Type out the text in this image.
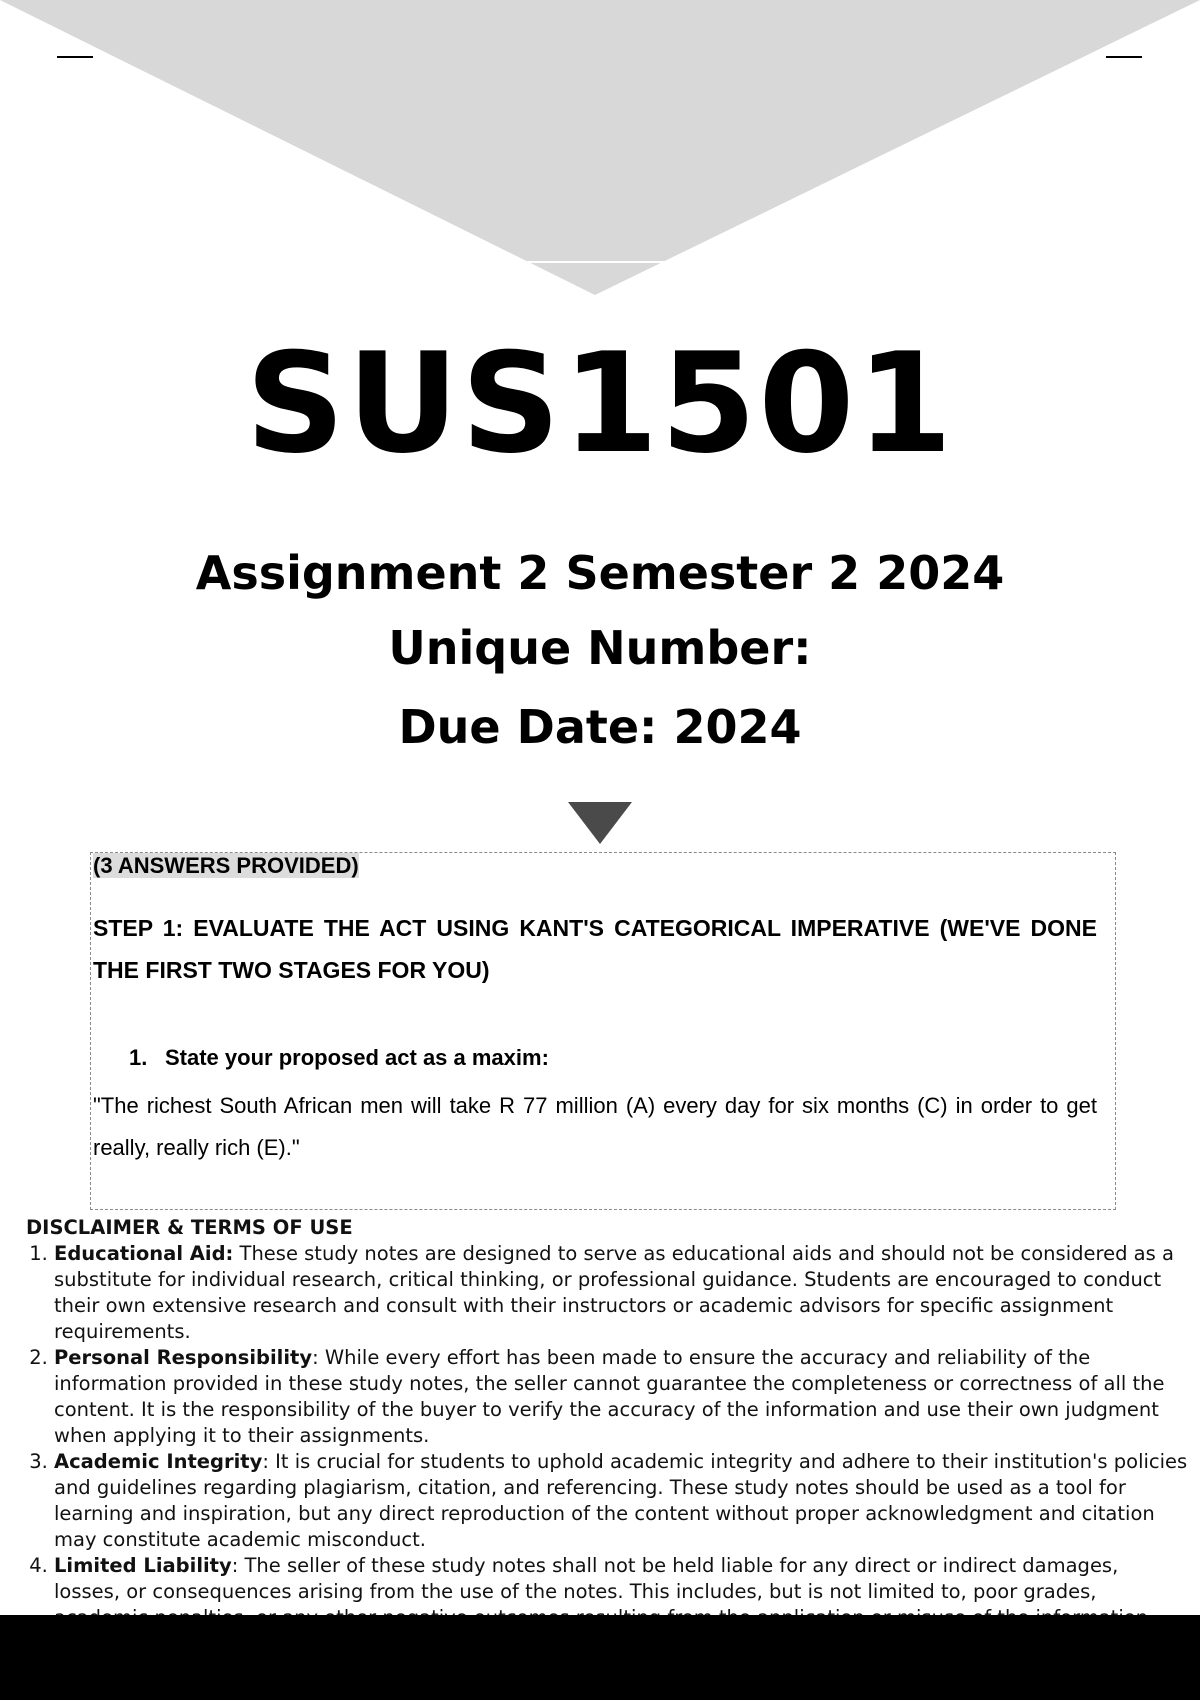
SUS1501
Assignment 2 Semester 2 2024
Unique Number:
Due Date: 2024

(3 ANSWERS PROVIDED)

STEP 1: EVALUATE THE ACT USING KANT'S CATEGORICAL IMPERATIVE (WE'VE DONE THE FIRST TWO STAGES FOR YOU)

1. State your proposed act as a maxim:

"The richest South African men will take R 77 million (A) every day for six months (C) in order to get really, really rich (E)."

DISCLAIMER & TERMS OF USE
1. Educational Aid: These study notes are designed to serve as educational aids and should not be considered as a substitute for individual research, critical thinking, or professional guidance. Students are encouraged to conduct their own extensive research and consult with their instructors or academic advisors for specific assignment requirements.
2. Personal Responsibility: While every effort has been made to ensure the accuracy and reliability of the information provided in these study notes, the seller cannot guarantee the completeness or correctness of all the content. It is the responsibility of the buyer to verify the accuracy of the information and use their own judgment when applying it to their assignments.
3. Academic Integrity: It is crucial for students to uphold academic integrity and adhere to their institution's policies and guidelines regarding plagiarism, citation, and referencing. These study notes should be used as a tool for learning and inspiration, but any direct reproduction of the content without proper acknowledgment and citation may constitute academic misconduct.
4. Limited Liability: The seller of these study notes shall not be held liable for any direct or indirect damages, losses, or consequences arising from the use of the notes. This includes, but is not limited to, poor grades,
